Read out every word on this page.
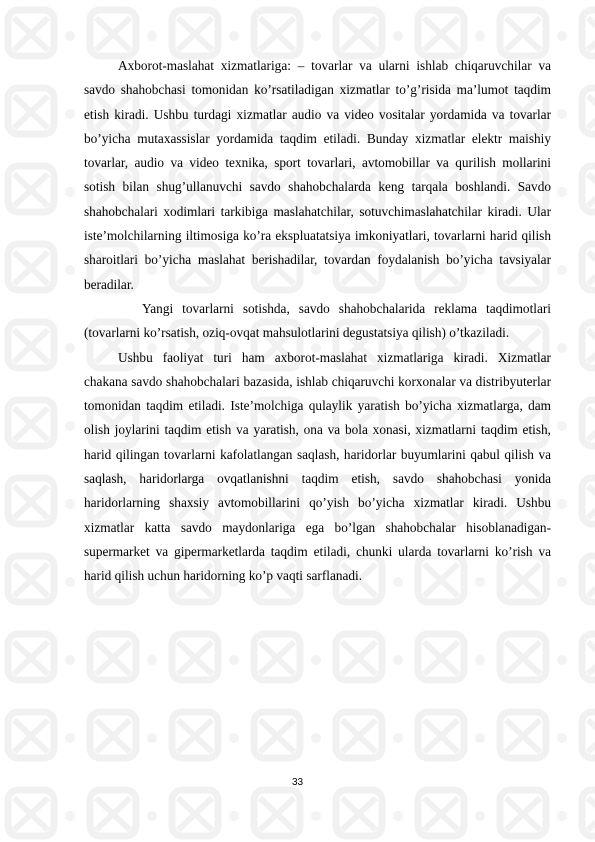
Axborot-maslahat xizmatlariga: – tovarlar va ularni ishlab chiqaruvchilar va savdo shahobchasi tomonidan ko’rsatiladigan xizmatlar to’g’risida ma’lumot taqdim etish kiradi. Ushbu turdagi xizmatlar audio va video vositalar yordamida va tovarlar bo’yicha mutaxassislar yordamida taqdim etiladi. Bunday xizmatlar elektr maishiy tovarlar, audio va video texnika, sport tovarlari, avtomobillar va qurilish mollarini sotish bilan shug’ullanuvchi savdo shahobchalarda keng tarqala boshlandi. Savdo shahobchalari xodimlari tarkibiga maslahatchilar, sotuvchimaslahatchilar kiradi. Ular iste’molchilarning iltimosiga ko’ra ekspluatatsiya imkoniyatlari, tovarlarni harid qilish sharoitlari bo’yicha maslahat berishadilar, tovardan foydalanish bo’yicha tavsiyalar beradilar.

Yangi tovarlarni sotishda, savdo shahobchalarida reklama taqdimotlari (tovarlarni ko’rsatish, oziq-ovqat mahsulotlarini degustatsiya qilish) o’tkaziladi.

Ushbu faoliyat turi ham axborot-maslahat xizmatlariga kiradi. Xizmatlar chakana savdo shahobchalari bazasida, ishlab chiqaruvchi korxonalar va distribyuterlar tomonidan taqdim etiladi. Iste’molchiga qulaylik yaratish bo’yicha xizmatlarga, dam olish joylarini taqdim etish va yaratish, ona va bola xonasi, xizmatlarni taqdim etish, harid qilingan tovarlarni kafolatlangan saqlash, haridorlar buyumlarini qabul qilish va saqlash, haridorlarga ovqatlanishni taqdim etish, savdo shahobchasi yonida haridorlarning shaxsiy avtomobillarini qo’yish bo’yicha xizmatlar kiradi. Ushbu xizmatlar katta savdo maydonlariga ega bo’lgan shahobchalar hisoblanadigan-supermarket va gipermarketlarda taqdim etiladi, chunki ularda tovarlarni ko’rish va harid qilish uchun haridorning ko’p vaqti sarflanadi.

33
